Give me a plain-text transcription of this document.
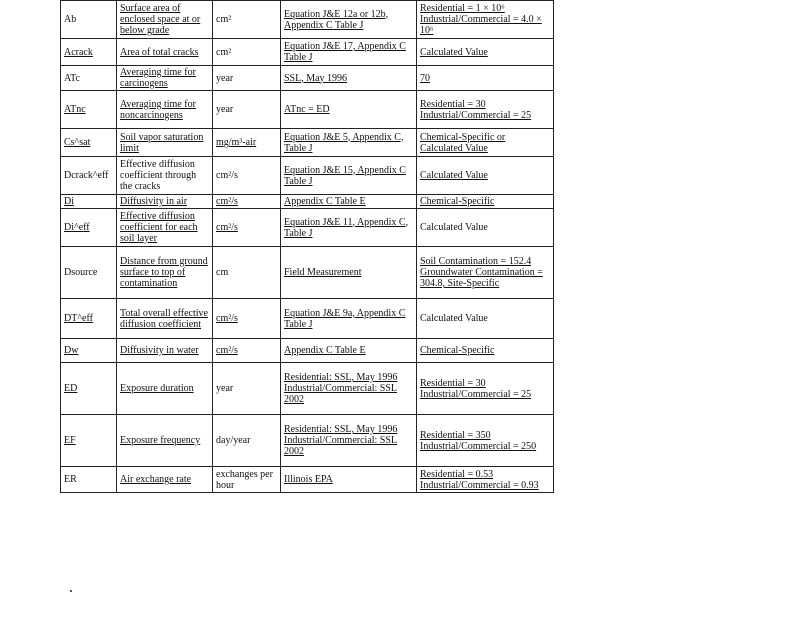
Ab	Surface area of enclosed space at or below grade	cm²	Equation J&E 12a or 12b, Appendix C Table J	Residential = 1 × 10⁶ Industrial/Commercial = 4.0 × 10⁶
Acrack	Area of total cracks	cm²	Equation J&E 17, Appendix C Table J	Calculated Value
ATc	Averaging time for carcinogens	year	SSL, May 1996	70
ATnc	Averaging time for noncarcinogens	year	ATnc = ED	Residential = 30 Industrial/Commercial = 25
Cs^sat	Soil vapor saturation limit	mg/m³-air	Equation J&E 5, Appendix C, Table J	Chemical-Specific or Calculated Value
Dcrack^eff	Effective diffusion coefficient through the cracks	cm²/s	Equation J&E 15, Appendix C Table J	Calculated Value
Di	Diffusivity in air	cm²/s	Appendix C Table E	Chemical-Specific
Di^eff	Effective diffusion coefficient for each soil layer	cm²/s	Equation J&E 11, Appendix C, Table J	Calculated Value
Dsource	Distance from ground surface to top of contamination	cm	Field Measurement	Soil Contamination = 152.4 Groundwater Contamination = 304.8, Site-Specific
DT^eff	Total overall effective diffusion coefficient	cm²/s	Equation J&E 9a, Appendix C Table J	Calculated Value
Dw	Diffusivity in water	cm²/s	Appendix C Table E	Chemical-Specific
ED	Exposure duration	year	Residential: SSL, May 1996 Industrial/Commercial: SSL 2002	Residential = 30 Industrial/Commercial = 25
EF	Exposure frequency	day/year	Residential: SSL, May 1996 Industrial/Commercial: SSL 2002	Residential = 350 Industrial/Commercial = 250
ER	Air exchange rate	exchanges per hour	Illinois EPA	Residential = 0.53 Industrial/Commercial = 0.93
